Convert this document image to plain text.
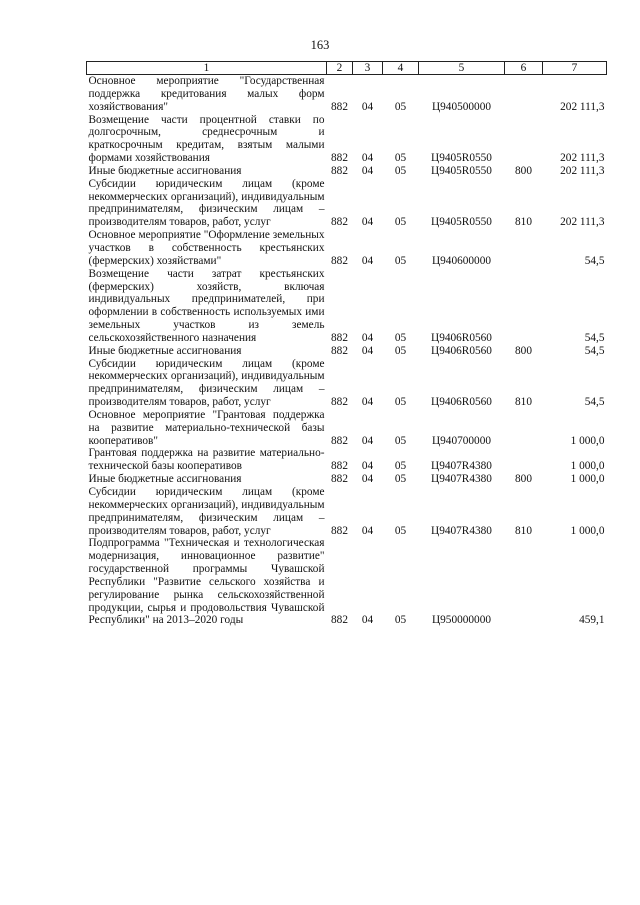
163
1	2	3	4	5	6	7
Основное мероприятие "Государственная поддержка кредитования малых форм хозяйствования"	882	04	05	Ц940500000		202 111,3
Возмещение части процентной ставки по долгосрочным, среднесрочным и краткосрочным кредитам, взятым малыми формами хозяйствования	882	04	05	Ц9405R0550		202 111,3
Иные бюджетные ассигнования	882	04	05	Ц9405R0550	800	202 111,3
Субсидии юридическим лицам (кроме некоммерческих организаций), индивидуальным предпринимателям, физическим лицам – производителям товаров, работ, услуг	882	04	05	Ц9405R0550	810	202 111,3
Основное мероприятие "Оформление земельных участков в собственность крестьянских (фермерских) хозяйствами"	882	04	05	Ц940600000		54,5
Возмещение части затрат крестьянских (фермерских) хозяйств, включая индивидуальных предпринимателей, при оформлении в собственность используемых ими земельных участков из земель сельскохозяйственного назначения	882	04	05	Ц9406R0560		54,5
Иные бюджетные ассигнования	882	04	05	Ц9406R0560	800	54,5
Субсидии юридическим лицам (кроме некоммерческих организаций), индивидуальным предпринимателям, физическим лицам – производителям товаров, работ, услуг	882	04	05	Ц9406R0560	810	54,5
Основное мероприятие "Грантовая поддержка на развитие материально-технической базы кооперативов"	882	04	05	Ц940700000		1 000,0
Грантовая поддержка на развитие материально-технической базы кооперативов	882	04	05	Ц9407R4380		1 000,0
Иные бюджетные ассигнования	882	04	05	Ц9407R4380	800	1 000,0
Субсидии юридическим лицам (кроме некоммерческих организаций), индивидуальным предпринимателям, физическим лицам – производителям товаров, работ, услуг	882	04	05	Ц9407R4380	810	1 000,0
Подпрограмма "Техническая и технологическая модернизация, инновационное развитие" государственной программы Чувашской Республики "Развитие сельского хозяйства и регулирование рынка сельскохозяйственной продукции, сырья и продовольствия Чувашской Республики" на 2013–2020 годы	882	04	05	Ц950000000		459,1
